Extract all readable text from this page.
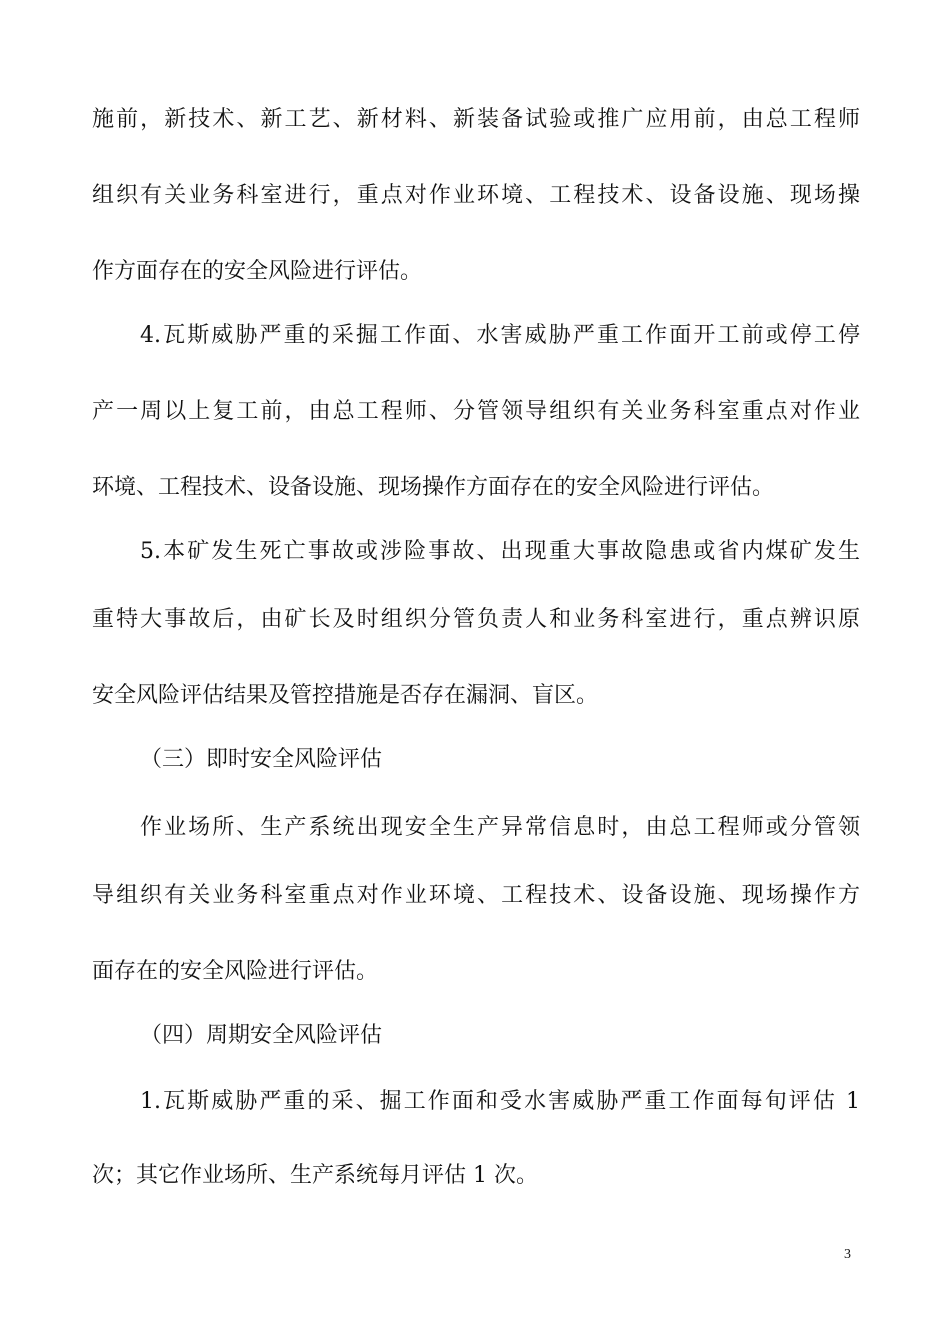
施前，新技术、新工艺、新材料、新装备试验或推广应用前，由总工程师
组织有关业务科室进行，重点对作业环境、工程技术、设备设施、现场操
作方面存在的安全风险进行评估。
4.瓦斯威胁严重的采掘工作面、水害威胁严重工作面开工前或停工停
产一周以上复工前，由总工程师、分管领导组织有关业务科室重点对作业
环境、工程技术、设备设施、现场操作方面存在的安全风险进行评估。
5.本矿发生死亡事故或涉险事故、出现重大事故隐患或省内煤矿发生
重特大事故后，由矿长及时组织分管负责人和业务科室进行，重点辨识原
安全风险评估结果及管控措施是否存在漏洞、盲区。
（三）即时安全风险评估
作业场所、生产系统出现安全生产异常信息时，由总工程师或分管领
导组织有关业务科室重点对作业环境、工程技术、设备设施、现场操作方
面存在的安全风险进行评估。
（四）周期安全风险评估
1.瓦斯威胁严重的采、掘工作面和受水害威胁严重工作面每旬评估 1
次；其它作业场所、生产系统每月评估 1 次。
3
